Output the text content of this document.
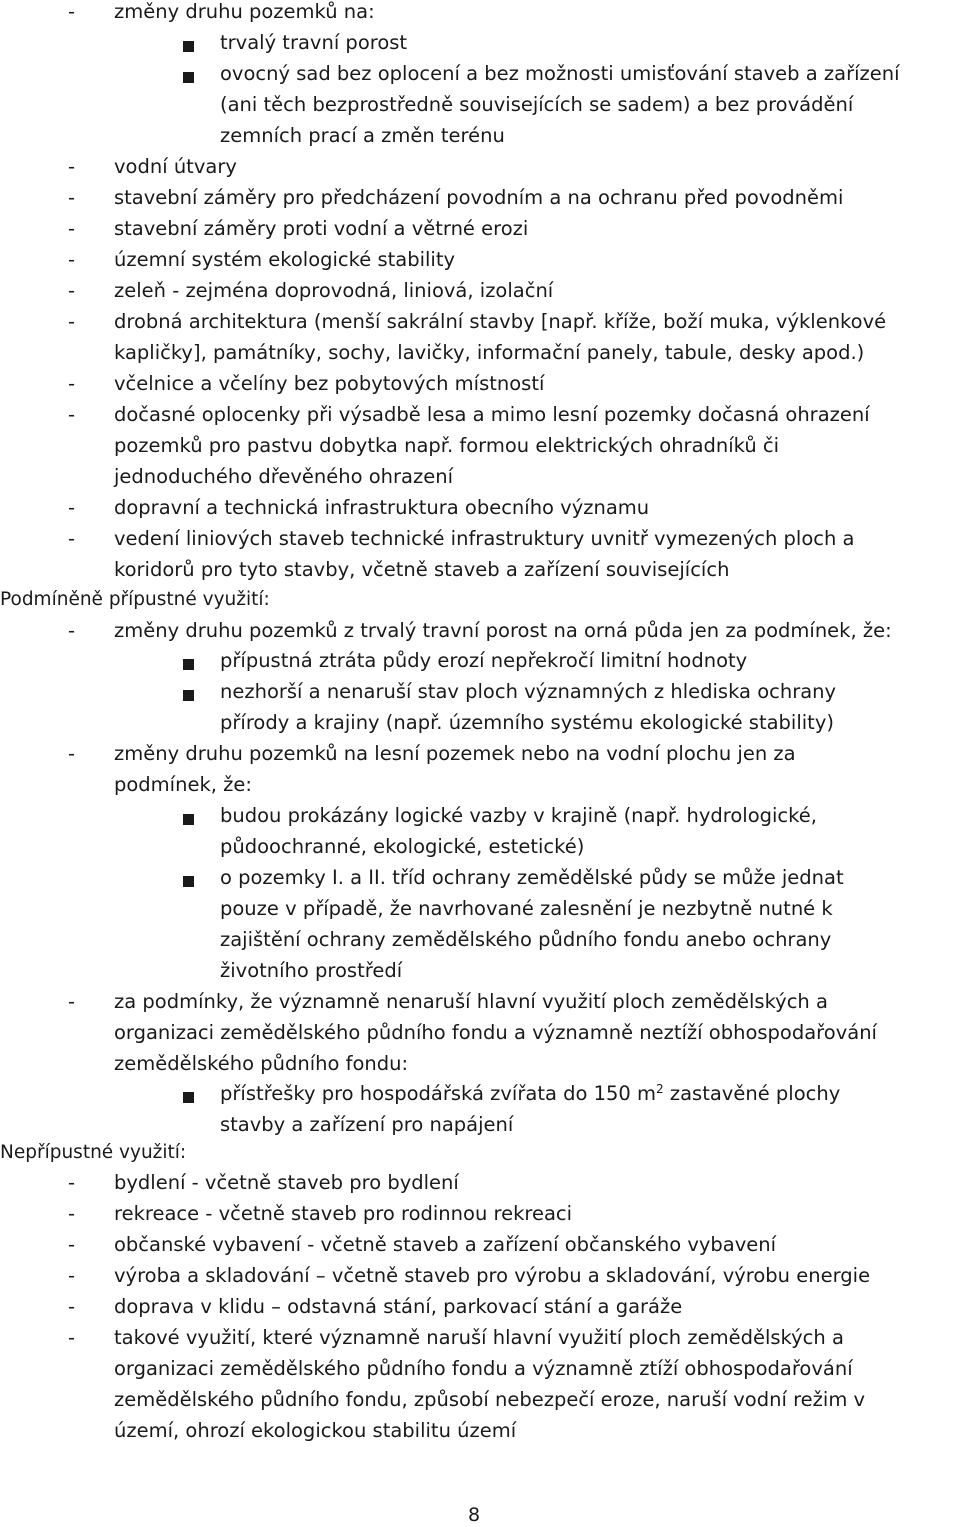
-	změny druhu pozemků na:
trvalý travní porost
ovocný sad bez oplocení a bez možnosti umisťování staveb a zařízení
(ani těch bezprostředně souvisejících se sadem) a bez provádění
zemních prací a změn terénu
-	vodní útvary
-	stavební záměry pro předcházení povodním a na ochranu před povodněmi
-	stavební záměry proti vodní a větrné erozi
-	územní systém ekologické stability
-	zeleň - zejména doprovodná, liniová, izolační
-	drobná architektura (menší sakrální stavby [např. kříže, boží muka, výklenkové
kapličky], památníky, sochy, lavičky, informační panely, tabule, desky apod.)
-	včelnice a včelíny bez pobytových místností
-	dočasné oplocenky při výsadbě lesa a mimo lesní pozemky dočasná ohrazení
pozemků pro pastvu dobytka např. formou elektrických ohradníků či
jednoduchého dřevěného ohrazení
-	dopravní a technická infrastruktura obecního významu
-	vedení liniových staveb technické infrastruktury uvnitř vymezených ploch a
koridorů pro tyto stavby, včetně staveb a zařízení souvisejících
Podmíněně přípustné využití:
-	změny druhu pozemků z trvalý travní porost na orná půda jen za podmínek, že:
přípustná ztráta půdy erozí nepřekročí limitní hodnoty
nezhorší a nenaruší stav ploch významných z hlediska ochrany
přírody a krajiny (např. územního systému ekologické stability)
-	změny druhu pozemků na lesní pozemek nebo na vodní plochu jen za
podmínek, že:
budou prokázány logické vazby v krajině (např. hydrologické,
půdoochranné, ekologické, estetické)
o pozemky I. a II. tříd ochrany zemědělské půdy se může jednat
pouze v případě, že navrhované zalesnění je nezbytně nutné k
zajištění ochrany zemědělského půdního fondu anebo ochrany
životního prostředí
-	za podmínky, že významně nenaruší hlavní využití ploch zemědělských a
organizaci zemědělského půdního fondu a významně neztíží obhospodařování
zemědělského půdního fondu:
přístřešky pro hospodářská zvířata do 150 $m^2$ zastavěné plochy
stavby a zařízení pro napájení
Nepřípustné využití:
-	bydlení - včetně staveb pro bydlení
-	rekreace - včetně staveb pro rodinnou rekreaci
-	občanské vybavení - včetně staveb a zařízení občanského vybavení
-	výroba a skladování – včetně staveb pro výrobu a skladování, výrobu energie
-	doprava v klidu – odstavná stání, parkovací stání a garáže
-	takové využití, které významně naruší hlavní využití ploch zemědělských a
organizaci zemědělského půdního fondu a významně ztíží obhospodařování
zemědělského půdního fondu, způsobí nebezpečí eroze, naruší vodní režim v
území, ohrozí ekologickou stabilitu území
8
